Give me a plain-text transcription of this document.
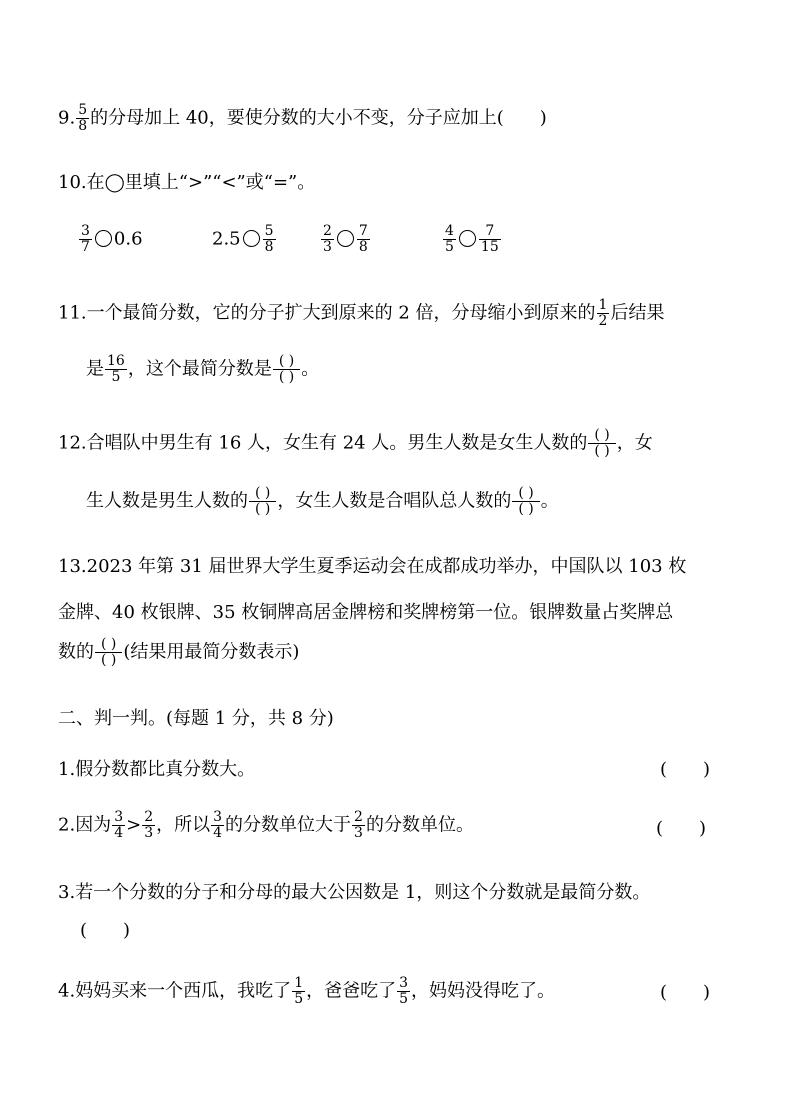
9. $\frac{5}{8}$ 的分母加上 40，要使分数的大小不变，分子应加上(　　)
10.在◯里填上“>”“<”或“=”。
$\frac{3}{7} 0.6$	$2.5 \frac{5}{8}$	$\frac{2}{3} \frac{7}{8}$	$\frac{4}{5} \frac{7}{15}$
11.一个最简分数，它的分子扩大到原来的 2 倍，分母缩小到原来的 $\frac{1}{2}$ 后结果
是 $\frac{16}{5}$ ，这个最简分数是 $\frac{( )}{( )}$ 。
12.合唱队中男生有 16 人，女生有 24 人。男生人数是女生人数的 $\frac{( )}{( )}$ ，女
生人数是男生人数的 $\frac{( )}{( )}$ ，女生人数是合唱队总人数的 $\frac{( )}{( )}$ 。
13.2023 年第 31 届世界大学生夏季运动会在成都成功举办，中国队以 103 枚
金牌、40 枚银牌、35 枚铜牌高居金牌榜和奖牌榜第一位。银牌数量占奖牌总
数的 $\frac{( )}{( )}$ (结果用最简分数表示)
二、判一判。(每题 1 分，共 8 分)
1.假分数都比真分数大。	(　　)
2.因为 $\frac{3}{4} > \frac{2}{3}$ ，所以 $\frac{3}{4}$ 的分数单位大于 $\frac{2}{3}$ 的分数单位。	(　　)
3.若一个分数的分子和分母的最大公因数是 1，则这个分数就是最简分数。
(　　)
4.妈妈买来一个西瓜，我吃了 $\frac{1}{5}$ ，爸爸吃了 $\frac{3}{5}$ ，妈妈没得吃了。	(　　)
